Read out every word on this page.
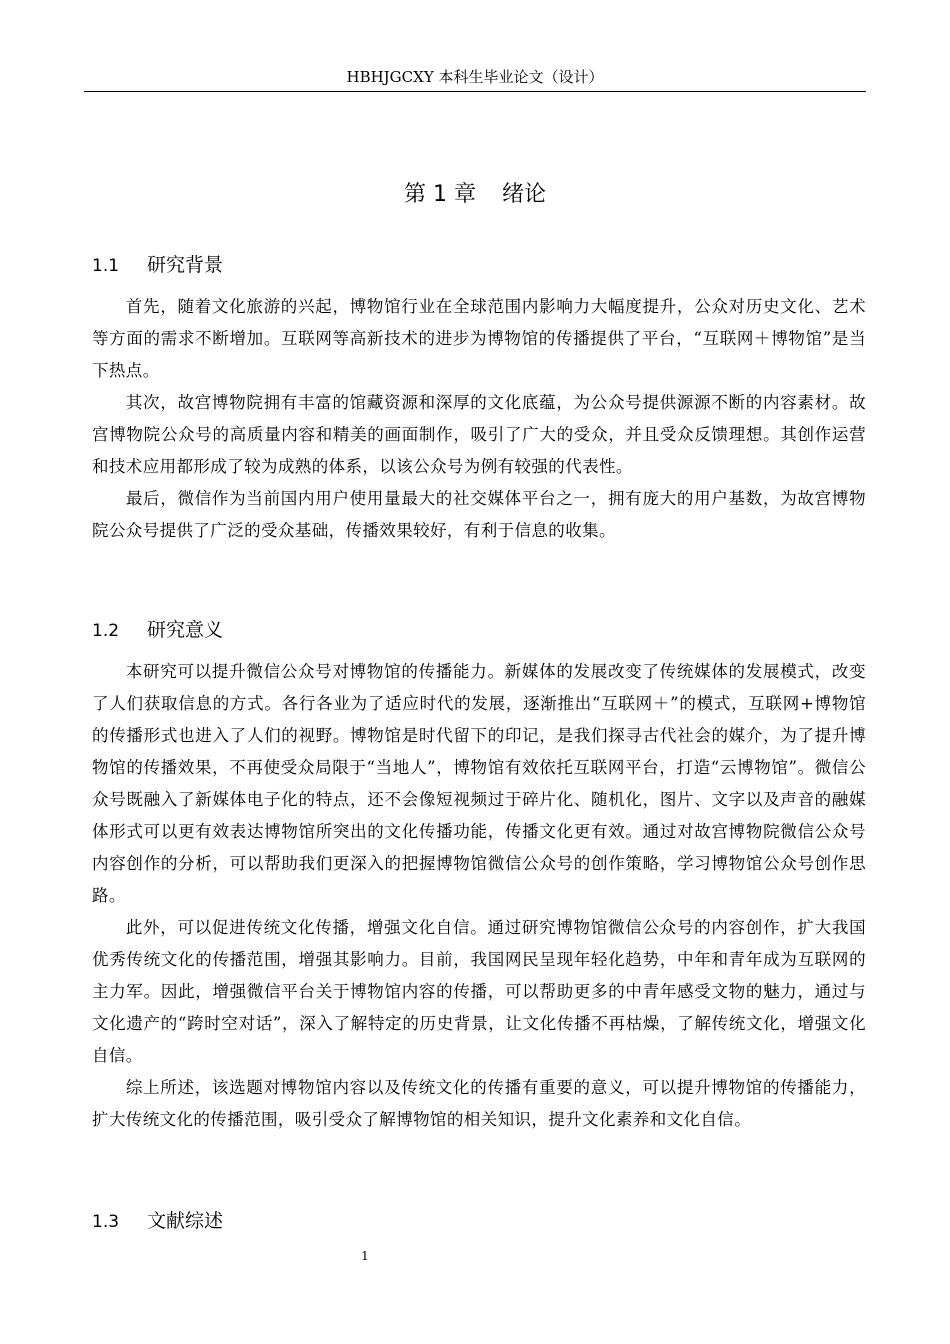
HBHJGCXY 本科生毕业论文（设计）
第 1 章 绪论
1.1 研究背景

首先，随着文化旅游的兴起，博物馆行业在全球范围内影响力大幅度提升，公众对历史文化、艺术等方面的需求不断增加。互联网等高新技术的进步为博物馆的传播提供了平台，“互联网＋博物馆”是当下热点。

其次，故宫博物院拥有丰富的馆藏资源和深厚的文化底蕴，为公众号提供源源不断的内容素材。故宫博物院公众号的高质量内容和精美的画面制作，吸引了广大的受众，并且受众反馈理想。其创作运营和技术应用都形成了较为成熟的体系，以该公众号为例有较强的代表性。

最后，微信作为当前国内用户使用量最大的社交媒体平台之一，拥有庞大的用户基数，为故宫博物院公众号提供了广泛的受众基础，传播效果较好，有利于信息的收集。

1.2 研究意义

本研究可以提升微信公众号对博物馆的传播能力。新媒体的发展改变了传统媒体的发展模式，改变了人们获取信息的方式。各行各业为了适应时代的发展，逐渐推出“互联网＋”的模式，互联网+博物馆的传播形式也进入了人们的视野。博物馆是时代留下的印记，是我们探寻古代社会的媒介，为了提升博物馆的传播效果，不再使受众局限于“当地人”，博物馆有效依托互联网平台，打造“云博物馆”。微信公众号既融入了新媒体电子化的特点，还不会像短视频过于碎片化、随机化，图片、文字以及声音的融媒体形式可以更有效表达博物馆所突出的文化传播功能，传播文化更有效。通过对故宫博物院微信公众号内容创作的分析，可以帮助我们更深入的把握博物馆微信公众号的创作策略，学习博物馆公众号创作思路。

此外，可以促进传统文化传播，增强文化自信。通过研究博物馆微信公众号的内容创作，扩大我国优秀传统文化的传播范围，增强其影响力。目前，我国网民呈现年轻化趋势，中年和青年成为互联网的主力军。因此，增强微信平台关于博物馆内容的传播，可以帮助更多的中青年感受文物的魅力，通过与文化遗产的“跨时空对话”，深入了解特定的历史背景，让文化传播不再枯燥，了解传统文化，增强文化自信。

综上所述，该选题对博物馆内容以及传统文化的传播有重要的意义，可以提升博物馆的传播能力，扩大传统文化的传播范围，吸引受众了解博物馆的相关知识，提升文化素养和文化自信。

1.3 文献综述
1
